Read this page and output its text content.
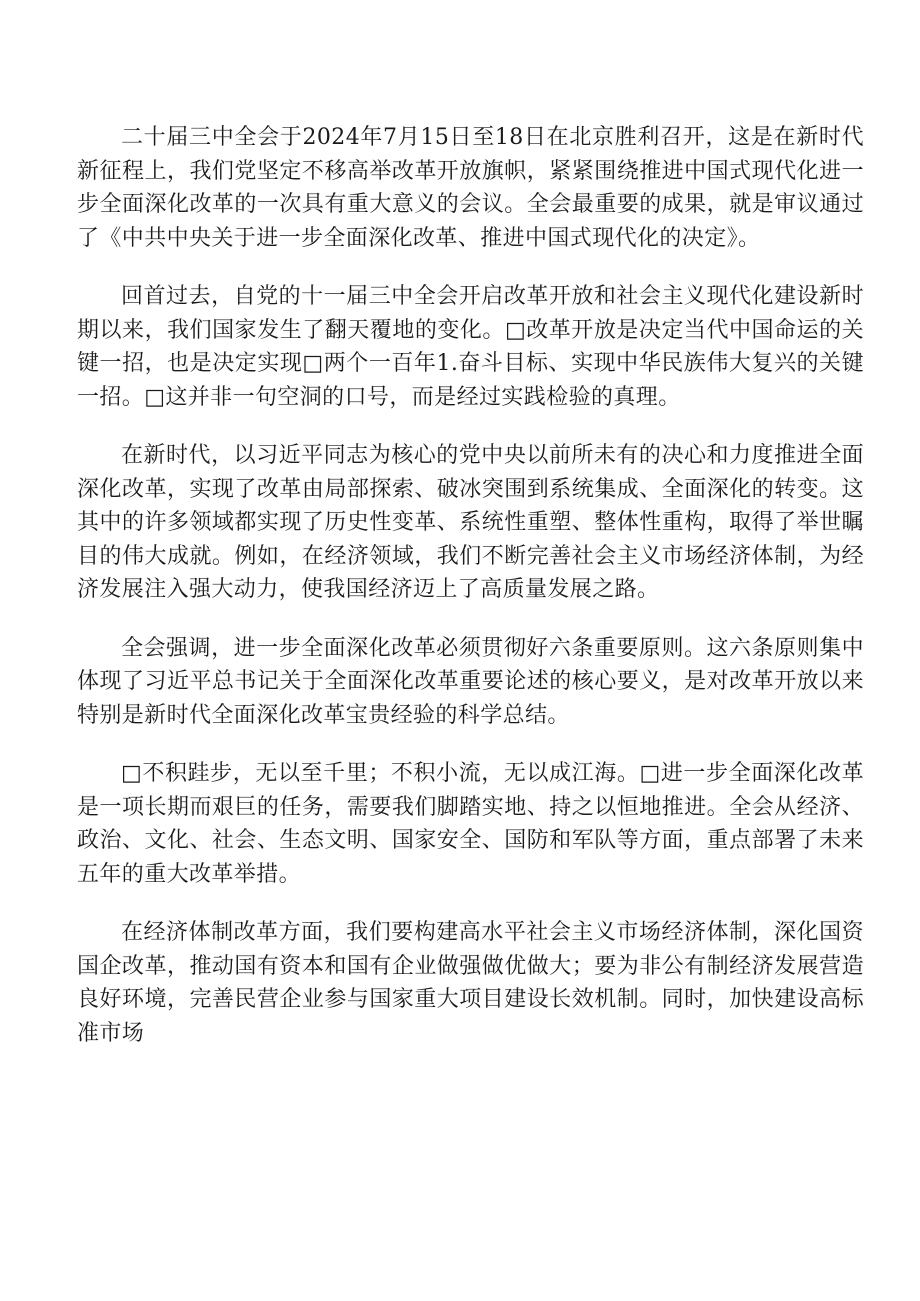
二十届三中全会于2024年7月15日至18日在北京胜利召开，这是在新时代新征程上，我们党坚定不移高举改革开放旗帜，紧紧围绕推进中国式现代化进一步全面深化改革的一次具有重大意义的会议。全会最重要的成果，就是审议通过了《中共中央关于进一步全面深化改革、推进中国式现代化的决定》。

回首过去，自党的十一届三中全会开启改革开放和社会主义现代化建设新时期以来，我们国家发生了翻天覆地的变化。□改革开放是决定当代中国命运的关键一招，也是决定实现□两个一百年1.奋斗目标、实现中华民族伟大复兴的关键一招。□这并非一句空洞的口号，而是经过实践检验的真理。

在新时代，以习近平同志为核心的党中央以前所未有的决心和力度推进全面深化改革，实现了改革由局部探索、破冰突围到系统集成、全面深化的转变。这其中的许多领域都实现了历史性变革、系统性重塑、整体性重构，取得了举世瞩目的伟大成就。例如，在经济领域，我们不断完善社会主义市场经济体制，为经济发展注入强大动力，使我国经济迈上了高质量发展之路。

全会强调，进一步全面深化改革必须贯彻好六条重要原则。这六条原则集中体现了习近平总书记关于全面深化改革重要论述的核心要义，是对改革开放以来特别是新时代全面深化改革宝贵经验的科学总结。

□不积跬步，无以至千里；不积小流，无以成江海。□进一步全面深化改革是一项长期而艰巨的任务，需要我们脚踏实地、持之以恒地推进。全会从经济、政治、文化、社会、生态文明、国家安全、国防和军队等方面，重点部署了未来五年的重大改革举措。

在经济体制改革方面，我们要构建高水平社会主义市场经济体制，深化国资国企改革，推动国有资本和国有企业做强做优做大；要为非公有制经济发展营造良好环境，完善民营企业参与国家重大项目建设长效机制。同时，加快建设高标准市场
